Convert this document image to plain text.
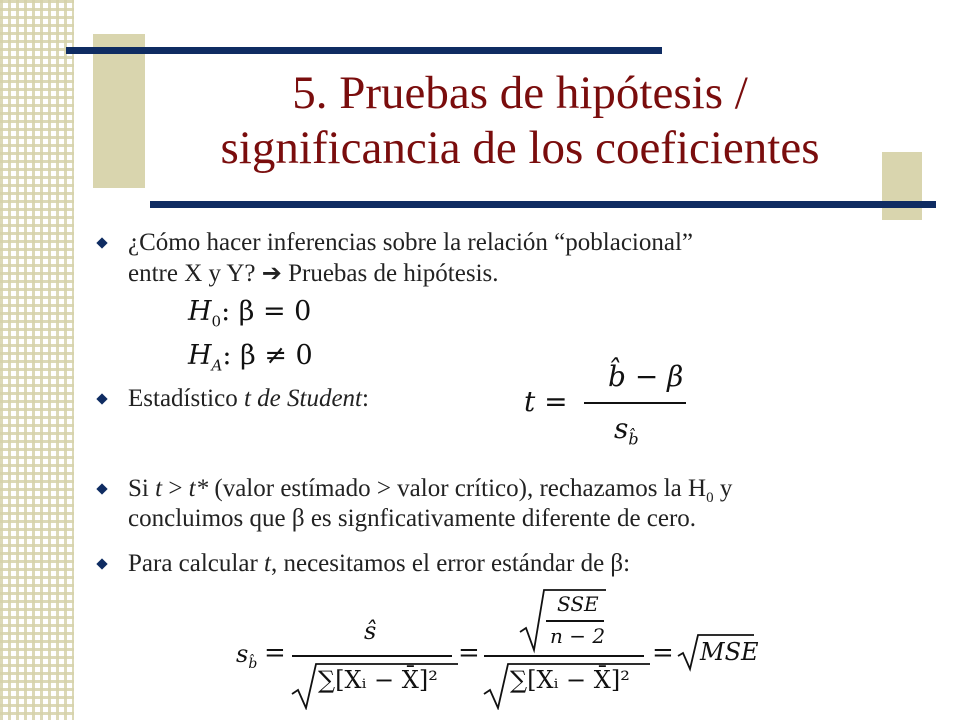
5. Pruebas de hipótesis /
significancia de los coeficientes
¿Cómo hacer inferencias sobre la relación “poblacional”
entre X y Y? ➔ Pruebas de hipótesis.
$H_0$: β = 0
$H_A$: β ≠ 0
Estadístico t de Student:	t =
b̂ − β
$s_{b̂}$
Si t > t* (valor estímado > valor crítico), rechazamos la $H_0$ y
concluimos que β es signficativamente diferente de cero.
Para calcular t, necesitamos el error estándar de β:
$s_{b̂}$ =
ŝ
∑[Xᵢ − X̄]²
=
SSE
n − 2
∑[Xᵢ − X̄]²
= MSE
